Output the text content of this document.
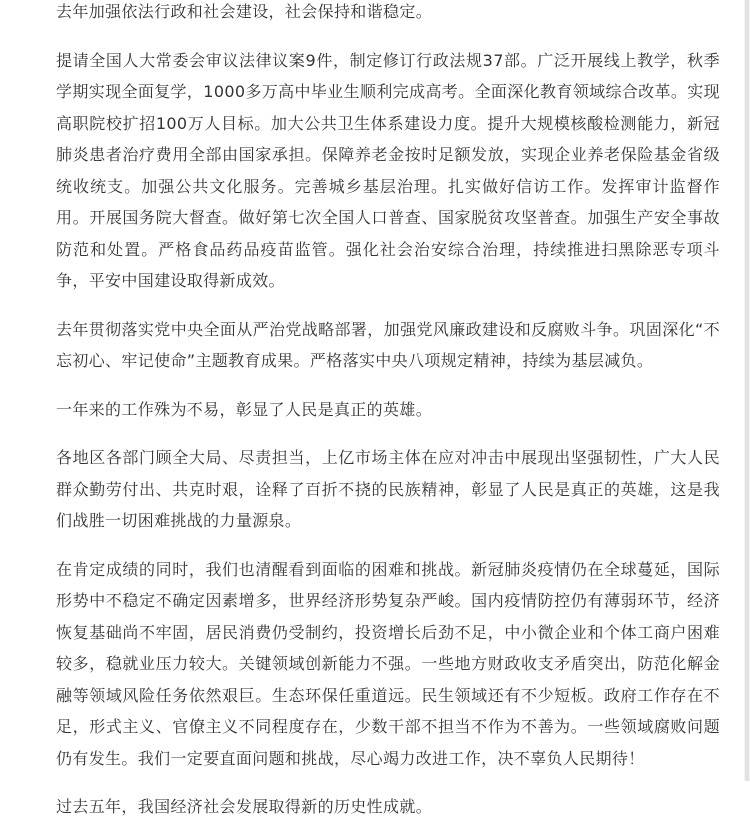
去年加强依法行政和社会建设，社会保持和谐稳定。

提请全国人大常委会审议法律议案9件，制定修订行政法规37部。广泛开展线上教学，秋季学期实现全面复学，1000多万高中毕业生顺利完成高考。全面深化教育领域综合改革。实现高职院校扩招100万人目标。加大公共卫生体系建设力度。提升大规模核酸检测能力，新冠肺炎患者治疗费用全部由国家承担。保障养老金按时足额发放，实现企业养老保险基金省级统收统支。加强公共文化服务。完善城乡基层治理。扎实做好信访工作。发挥审计监督作用。开展国务院大督查。做好第七次全国人口普查、国家脱贫攻坚普查。加强生产安全事故防范和处置。严格食品药品疫苗监管。强化社会治安综合治理，持续推进扫黑除恶专项斗争，平安中国建设取得新成效。

去年贯彻落实党中央全面从严治党战略部署，加强党风廉政建设和反腐败斗争。巩固深化“不忘初心、牢记使命”主题教育成果。严格落实中央八项规定精神，持续为基层减负。

一年来的工作殊为不易，彰显了人民是真正的英雄。

各地区各部门顾全大局、尽责担当，上亿市场主体在应对冲击中展现出坚强韧性，广大人民群众勤劳付出、共克时艰，诠释了百折不挠的民族精神，彰显了人民是真正的英雄，这是我们战胜一切困难挑战的力量源泉。

在肯定成绩的同时，我们也清醒看到面临的困难和挑战。新冠肺炎疫情仍在全球蔓延，国际形势中不稳定不确定因素增多，世界经济形势复杂严峻。国内疫情防控仍有薄弱环节，经济恢复基础尚不牢固，居民消费仍受制约，投资增长后劲不足，中小微企业和个体工商户困难较多，稳就业压力较大。关键领域创新能力不强。一些地方财政收支矛盾突出，防范化解金融等领域风险任务依然艰巨。生态环保任重道远。民生领域还有不少短板。政府工作存在不足，形式主义、官僚主义不同程度存在，少数干部不担当不作为不善为。一些领域腐败问题仍有发生。我们一定要直面问题和挑战，尽心竭力改进工作，决不辜负人民期待！

过去五年，我国经济社会发展取得新的历史性成就。
